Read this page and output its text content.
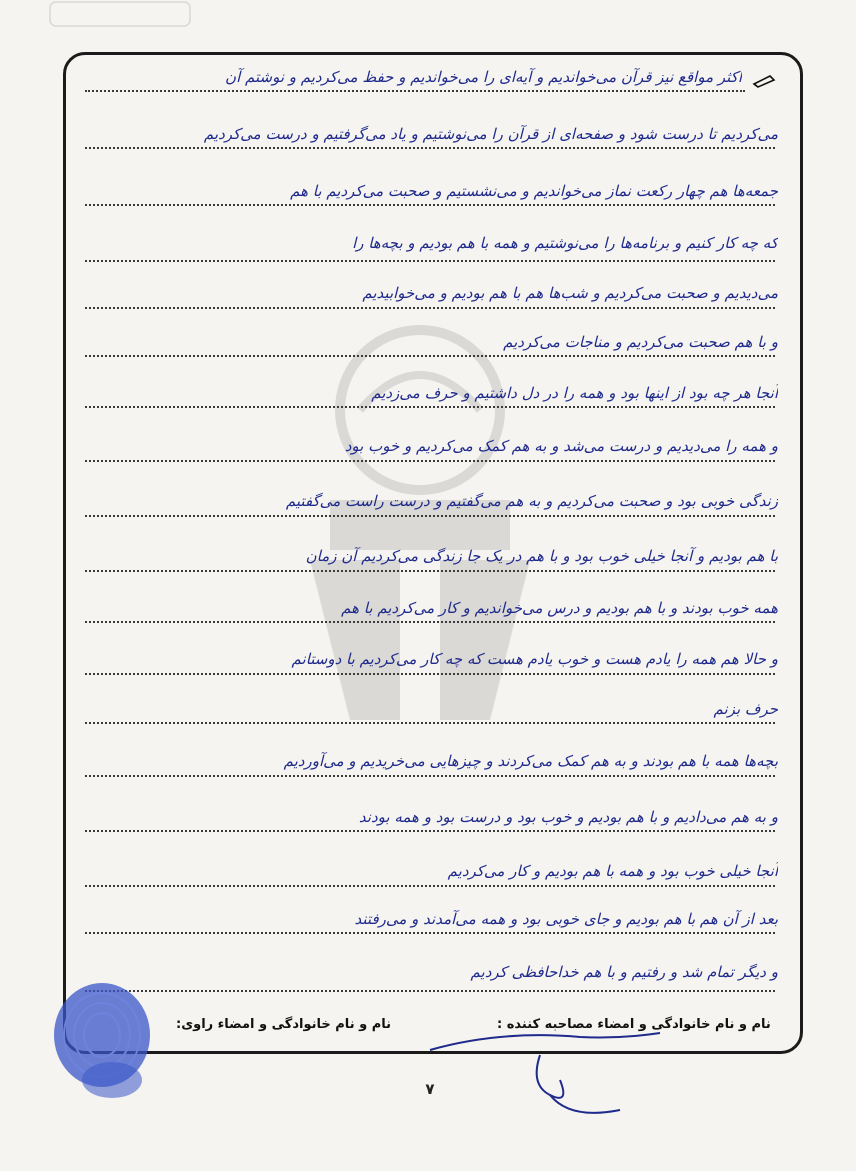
اکثر مواقع نیز قرآن می‌خواندیم و آیه‌ای را می‌خواندیم و حفظ می‌کردیم و نوشتم آن
می‌کردیم تا درست شود و صفحه‌ای از قرآن را می‌نوشتیم و یاد می‌گرفتیم و درست می‌کردیم
جمعه‌ها هم چهار رکعت نماز می‌خواندیم و می‌نشستیم و صحبت می‌کردیم با هم
که چه کار کنیم و برنامه‌ها را می‌نوشتیم و همه با هم بودیم و بچه‌ها را
می‌دیدیم و صحبت می‌کردیم و شب‌ها هم با هم بودیم و می‌خوابیدیم
و با هم صحبت می‌کردیم و مناجات می‌کردیم
آنجا هر چه بود از اینها بود و همه را در دل داشتیم و حرف می‌زدیم
و همه را می‌دیدیم و درست می‌شد و به هم کمک می‌کردیم و خوب بود
زندگی خوبی بود و صحبت می‌کردیم و به هم می‌گفتیم و درست راست می‌گفتیم
با هم بودیم و آنجا خیلی خوب بود و با هم در یک جا زندگی می‌کردیم آن زمان
همه خوب بودند و با هم بودیم و درس می‌خواندیم و کار می‌کردیم با هم
و حالا هم همه را یادم هست و خوب یادم هست که چه کار می‌کردیم با دوستانم
حرف بزنم
بچه‌ها همه با هم بودند و به هم کمک می‌کردند و چیزهایی می‌خریدیم و می‌آوردیم
و به هم می‌دادیم و با هم بودیم و خوب بود و درست بود و همه بودند
آنجا خیلی خوب بود و همه با هم بودیم و کار می‌کردیم
بعد از آن هم با هم بودیم و جای خوبی بود و همه می‌آمدند و می‌رفتند
و دیگر تمام شد و رفتیم و با هم خداحافظی کردیم
نام و نام خانوادگی و امضاء مصاحبه کننده :
نام و نام خانوادگی و امضاء راوی:
۷
